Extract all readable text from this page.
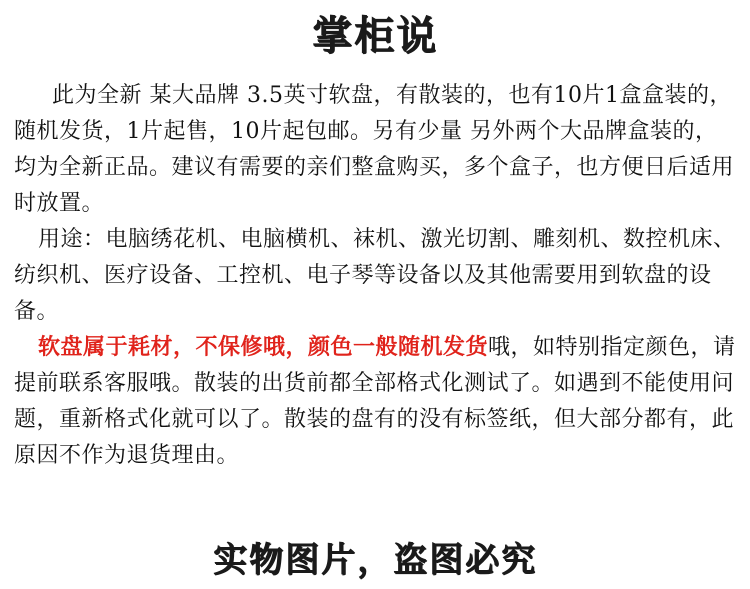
掌柜说

此为全新 某大品牌 3.5英寸软盘，有散装的，也有10片1盒盒装的，随机发货，1片起售，10片起包邮。另有少量 另外两个大品牌盒装的，均为全新正品。建议有需要的亲们整盒购买，多个盒子，也方便日后适用时放置。

用途：电脑绣花机、电脑横机、袜机、激光切割、雕刻机、数控机床、纺织机、医疗设备、工控机、电子琴等设备以及其他需要用到软盘的设备。

软盘属于耗材，不保修哦，颜色一般随机发货哦，如特别指定颜色，请提前联系客服哦。散装的出货前都全部格式化测试了。如遇到不能使用问题，重新格式化就可以了。散装的盘有的没有标签纸，但大部分都有，此原因不作为退货理由。

实物图片，盗图必究
